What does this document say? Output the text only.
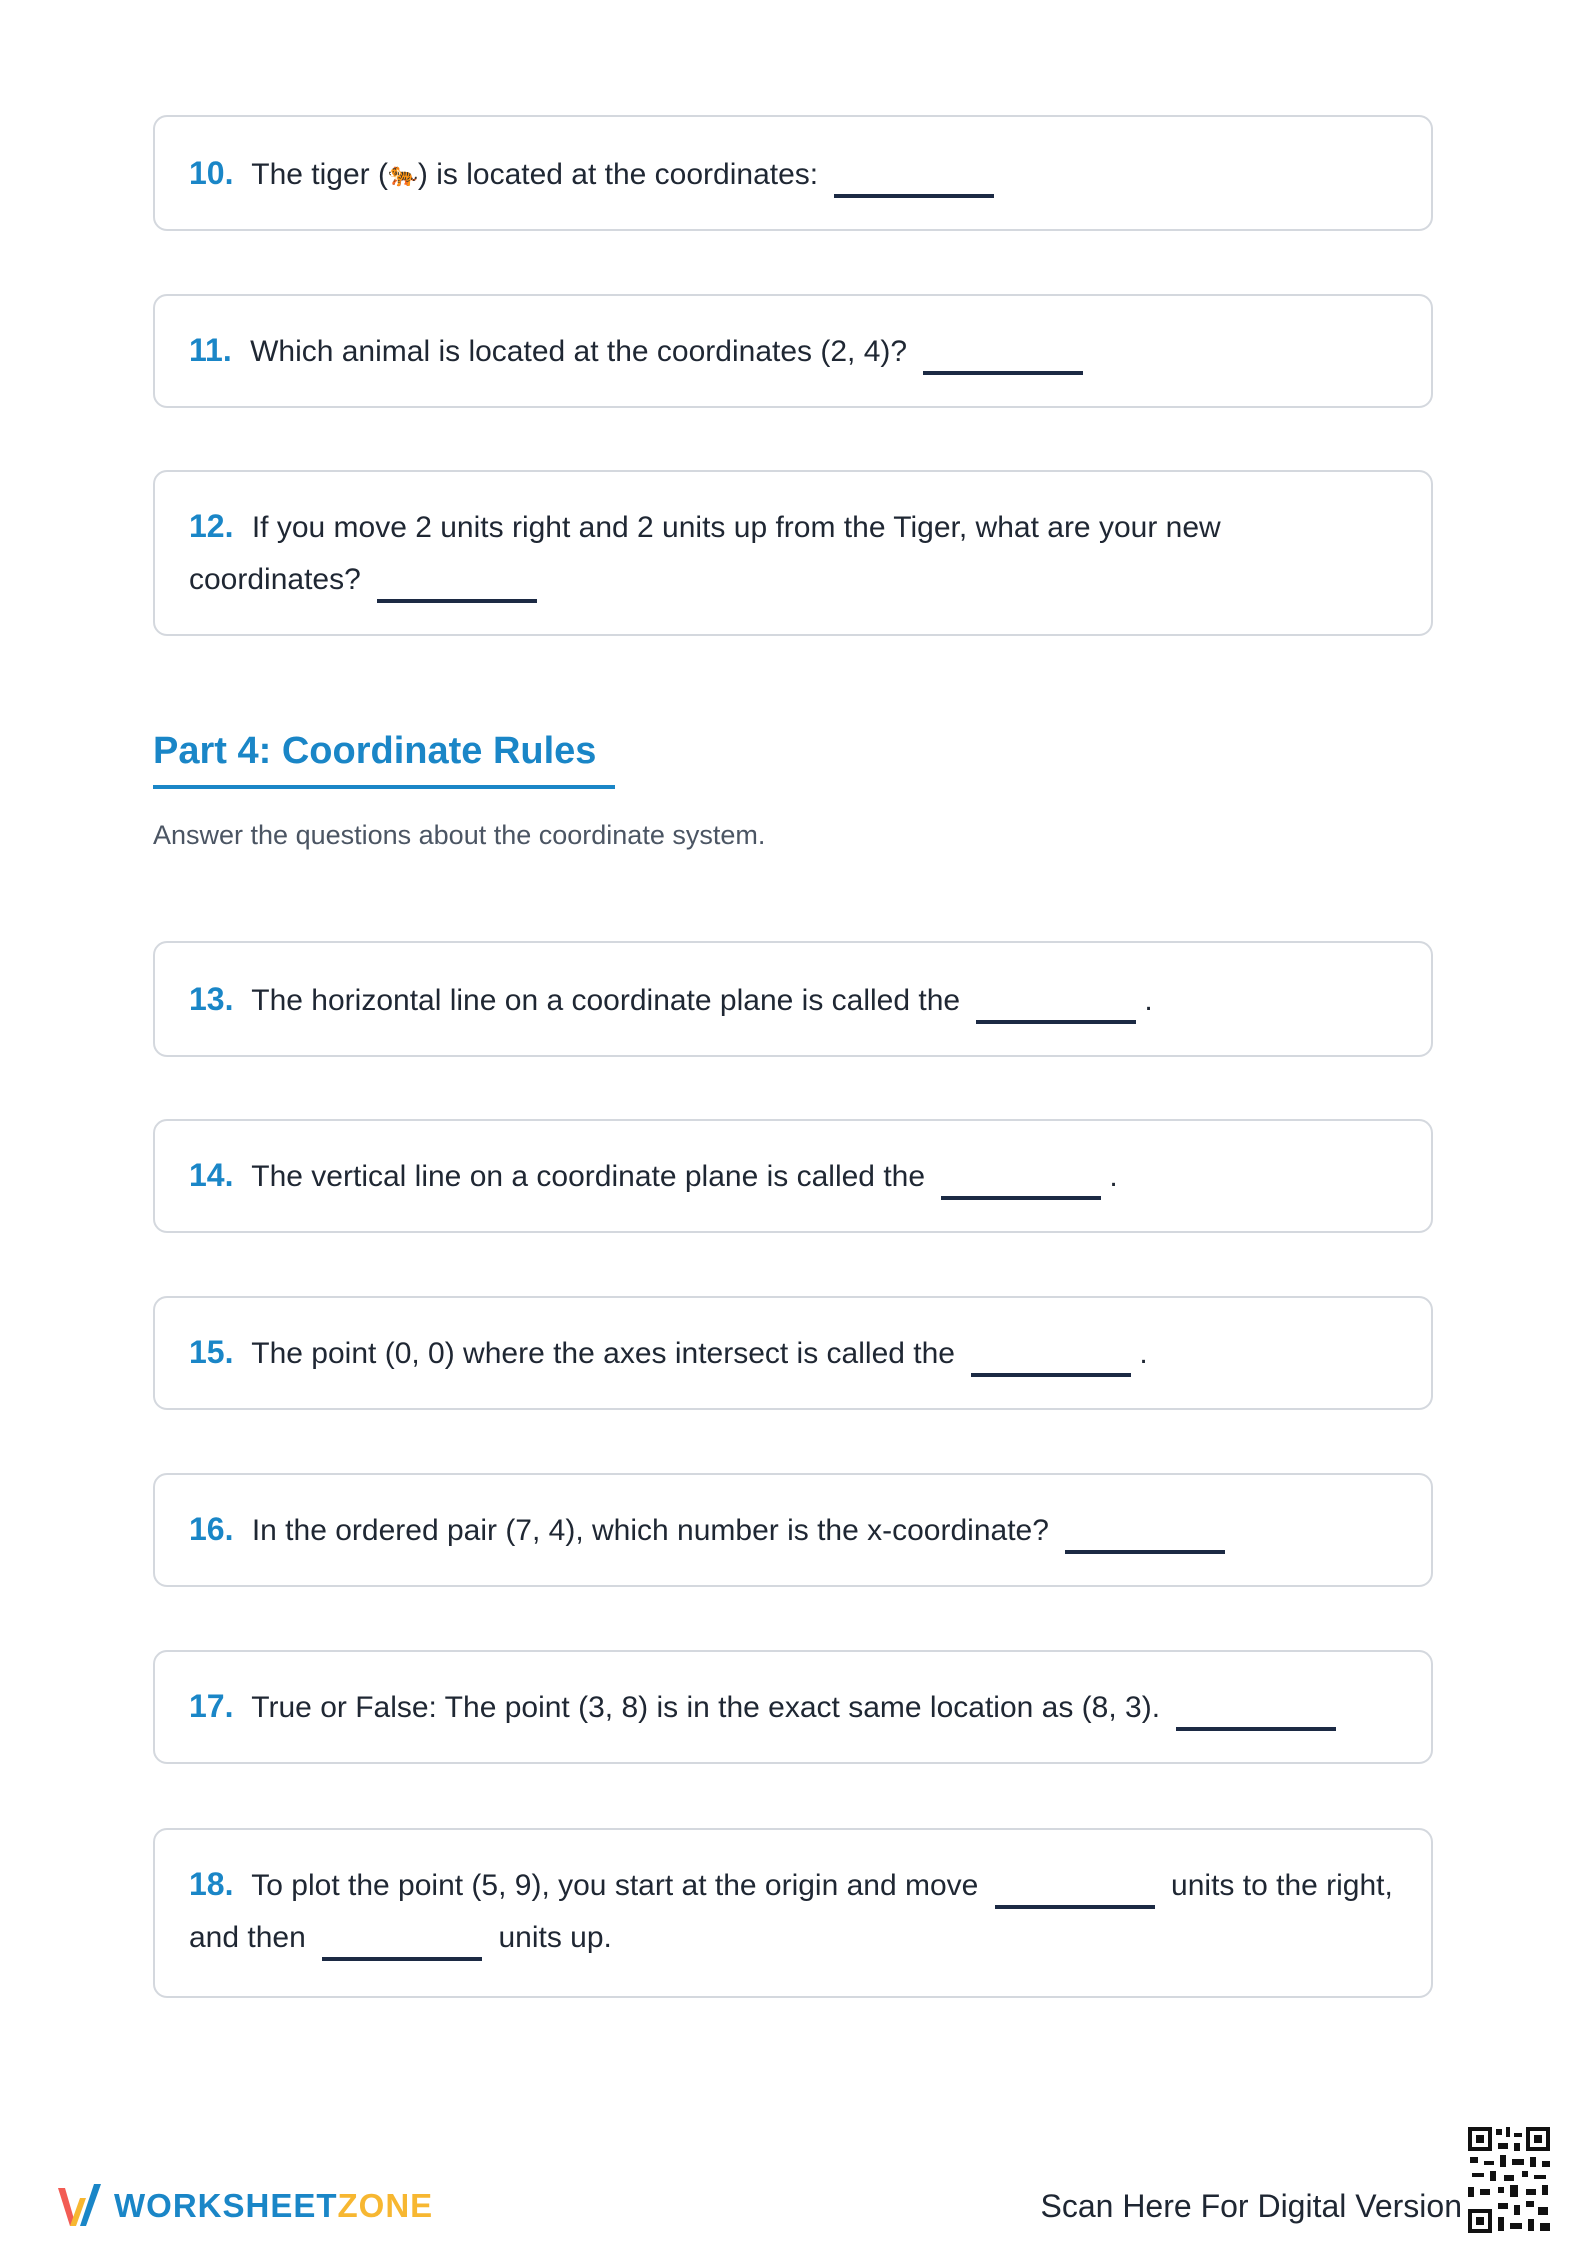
10. The tiger (🐅) is located at the coordinates:
11. Which animal is located at the coordinates (2, 4)?
12. If you move 2 units right and 2 units up from the Tiger, what are your new coordinates?
Part 4: Coordinate Rules
Answer the questions about the coordinate system.
13. The horizontal line on a coordinate plane is called the	.
14. The vertical line on a coordinate plane is called the	.
15. The point (0, 0) where the axes intersect is called the	.
16. In the ordered pair (7, 4), which number is the x-coordinate?
17. True or False: The point (3, 8) is in the exact same location as (8, 3).
18. To plot the point (5, 9), you start at the origin and move	units to the right, and then	units up.
WORKSHEETZONE	Scan Here For Digital Version
